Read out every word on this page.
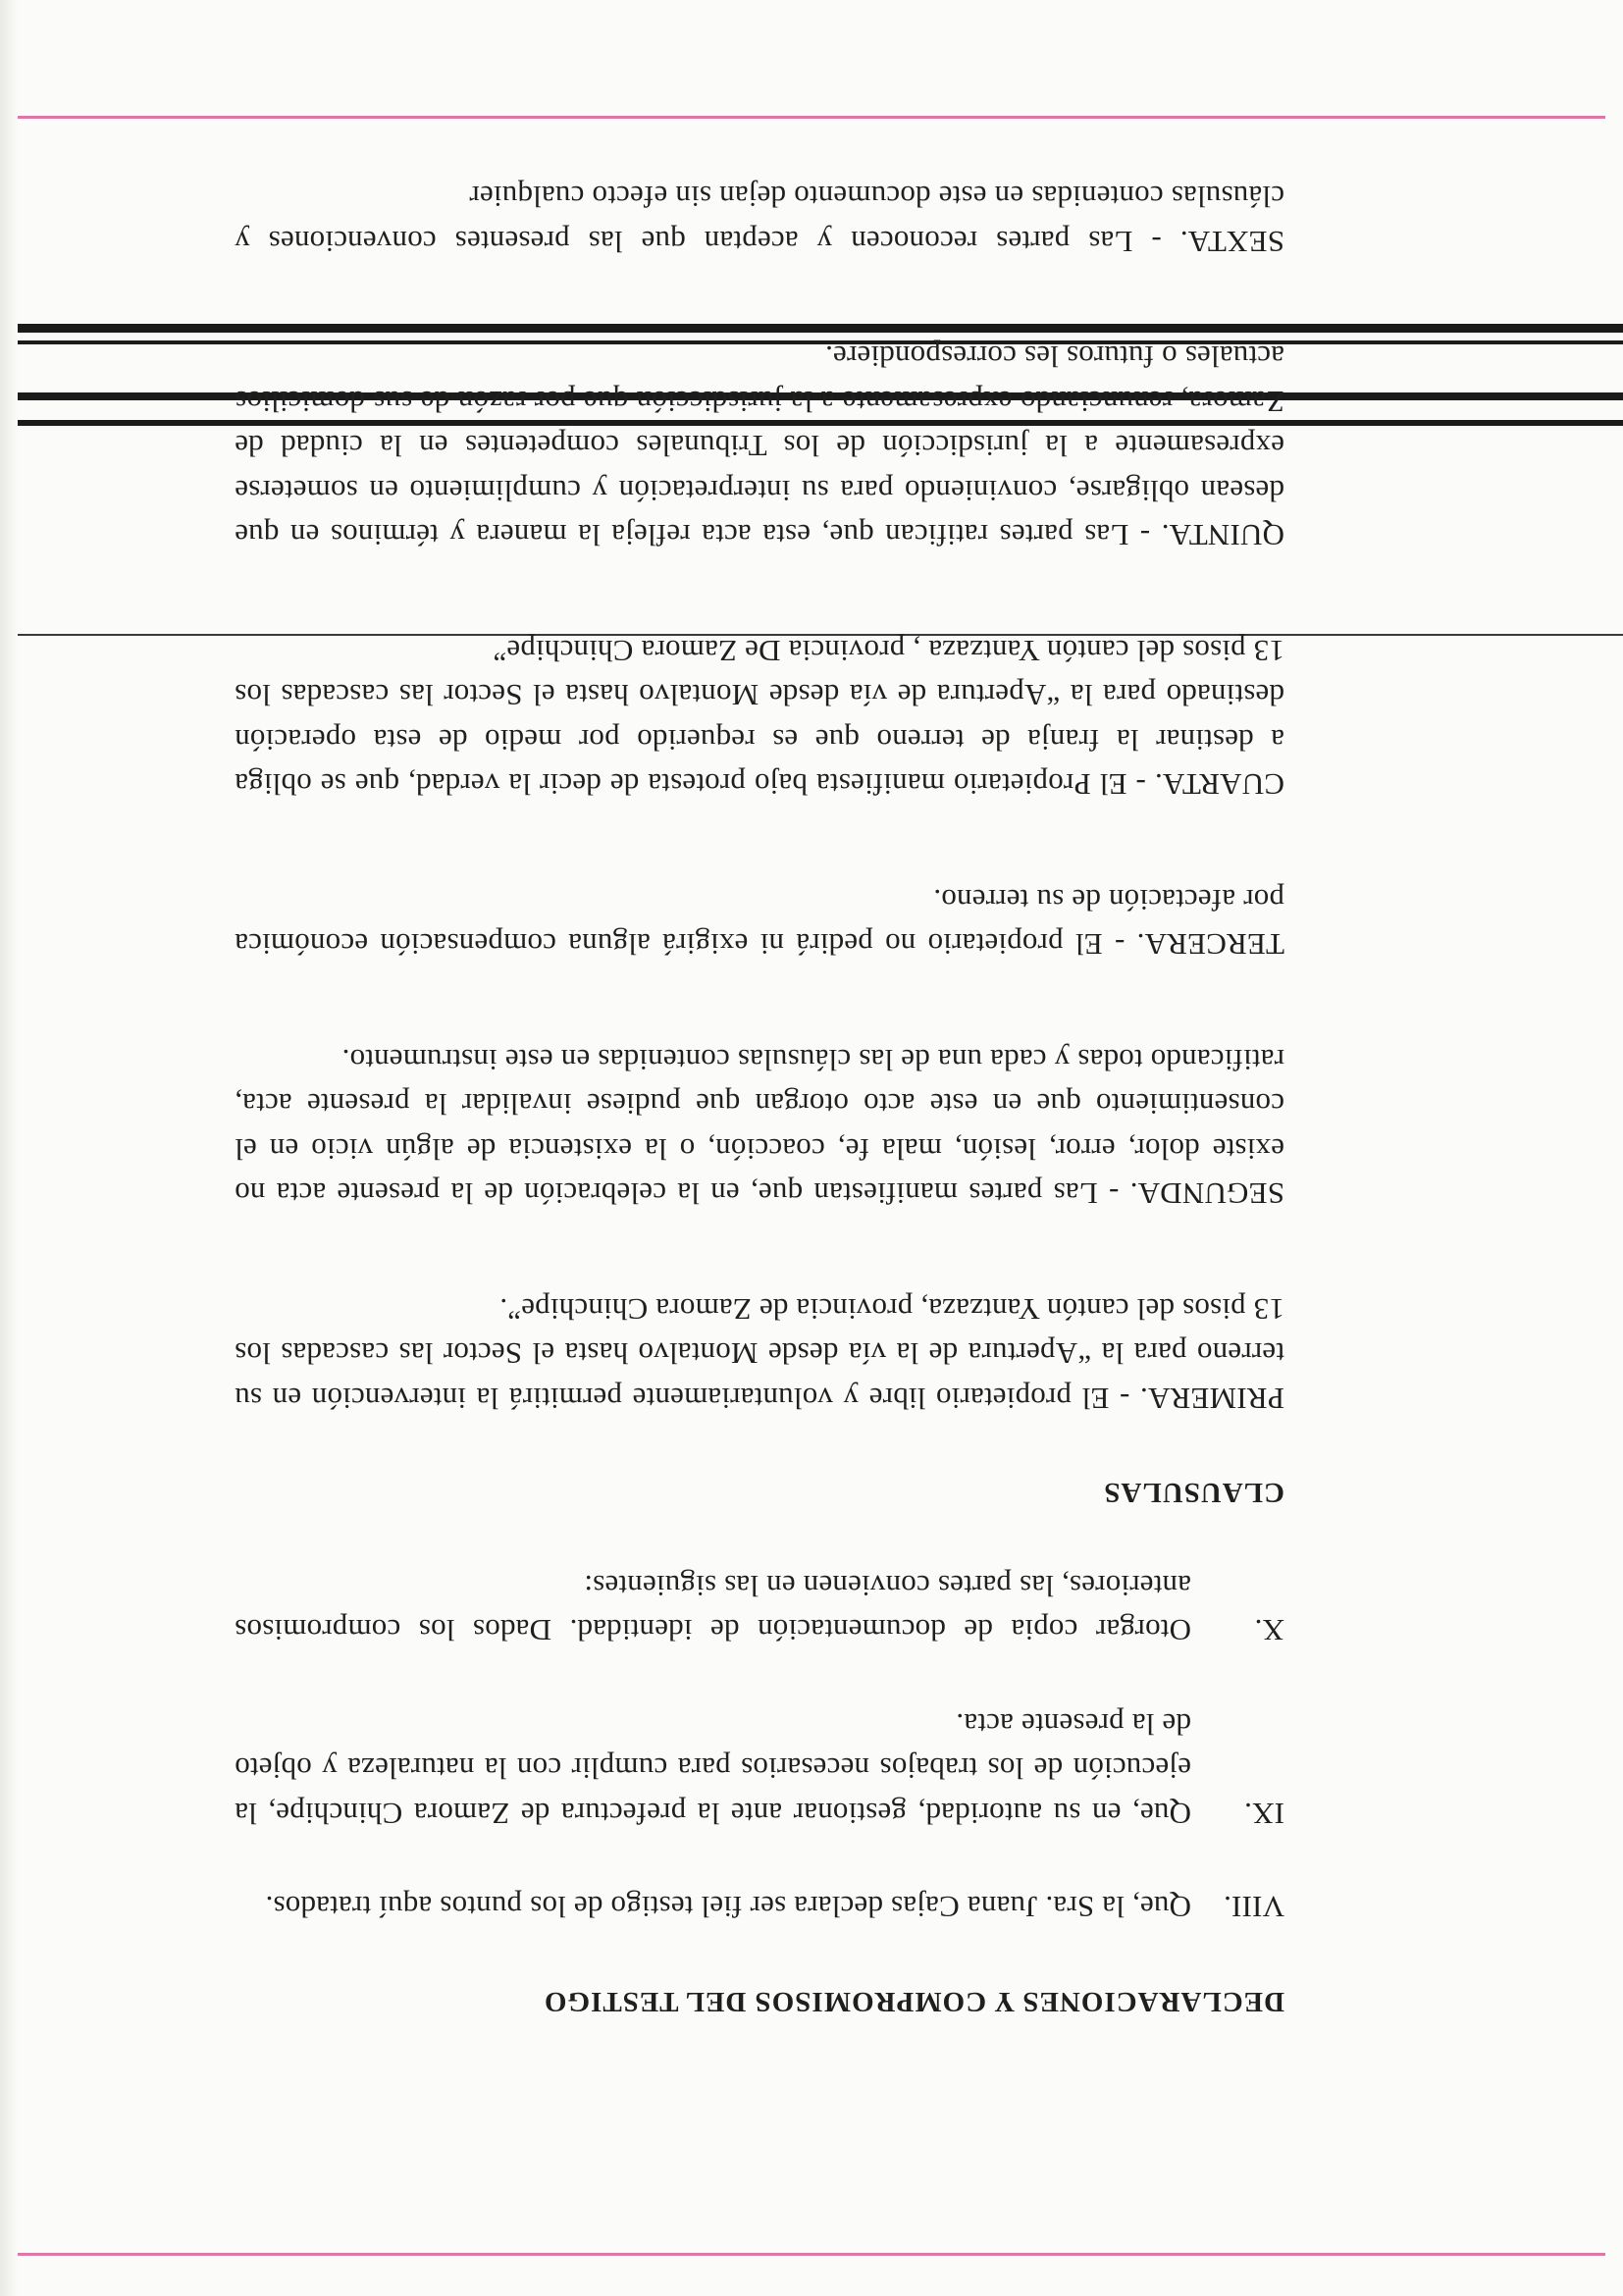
DECLARACIONES Y COMPROMISOS DEL TESTIGO

VIII.
Que, la Sra. Juana Cajas declara ser fiel testigo de los puntos aquí tratados.
IX.
Que, en su autoridad, gestionar ante la prefectura de Zamora Chinchipe, la ejecución de los trabajos necesarios para cumplir con la naturaleza y objeto de la presente acta.
X.
Otorgar copia de documentación de identidad. Dados los compromisos anteriores, las partes convienen en las siguientes:

CLAUSULAS

PRIMERA. - El propietario libre y voluntariamente permitirá la intervención en su terreno para la “Apertura de la vía desde Montalvo hasta el Sector las cascadas los 13 pisos del cantón Yantzaza, provincia de Zamora Chinchipe”.

SEGUNDA. - Las partes manifiestan que, en la celebración de la presente acta no existe dolor, error, lesión, mala fe, coacción, o la existencia de algún vicio en el consentimiento que en este acto otorgan que pudiese invalidar la presente acta, ratificando todas y cada una de las cláusulas contenidas en este instrumento.

TERCERA. - El propietario no pedirá ni exigirá alguna compensación económica por afectación de su terreno.

CUARTA. - El Propietario manifiesta bajo protesta de decir la verdad, que se obliga a destinar la franja de terreno que es requerido por medio de esta operación destinado para la “Apertura de vía desde Montalvo hasta el Sector las cascadas los 13 pisos del cantón Yantzaza , provincia De Zamora Chinchipe”

QUINTA. - Las partes ratifican que, esta acta refleja la manera y términos en que desean obligarse, conviniendo para su interpretación y cumplimiento en someterse expresamente a la jurisdicción de los Tribunales competentes en la ciudad de Zamora, renunciando expresamente a la jurisdicción que por razón de sus domicilios actuales o futuros les correspondiere.

SEXTA. - Las partes reconocen y aceptan que las presentes convenciones y cláusulas contenidas en este documento dejan sin efecto cualquier
